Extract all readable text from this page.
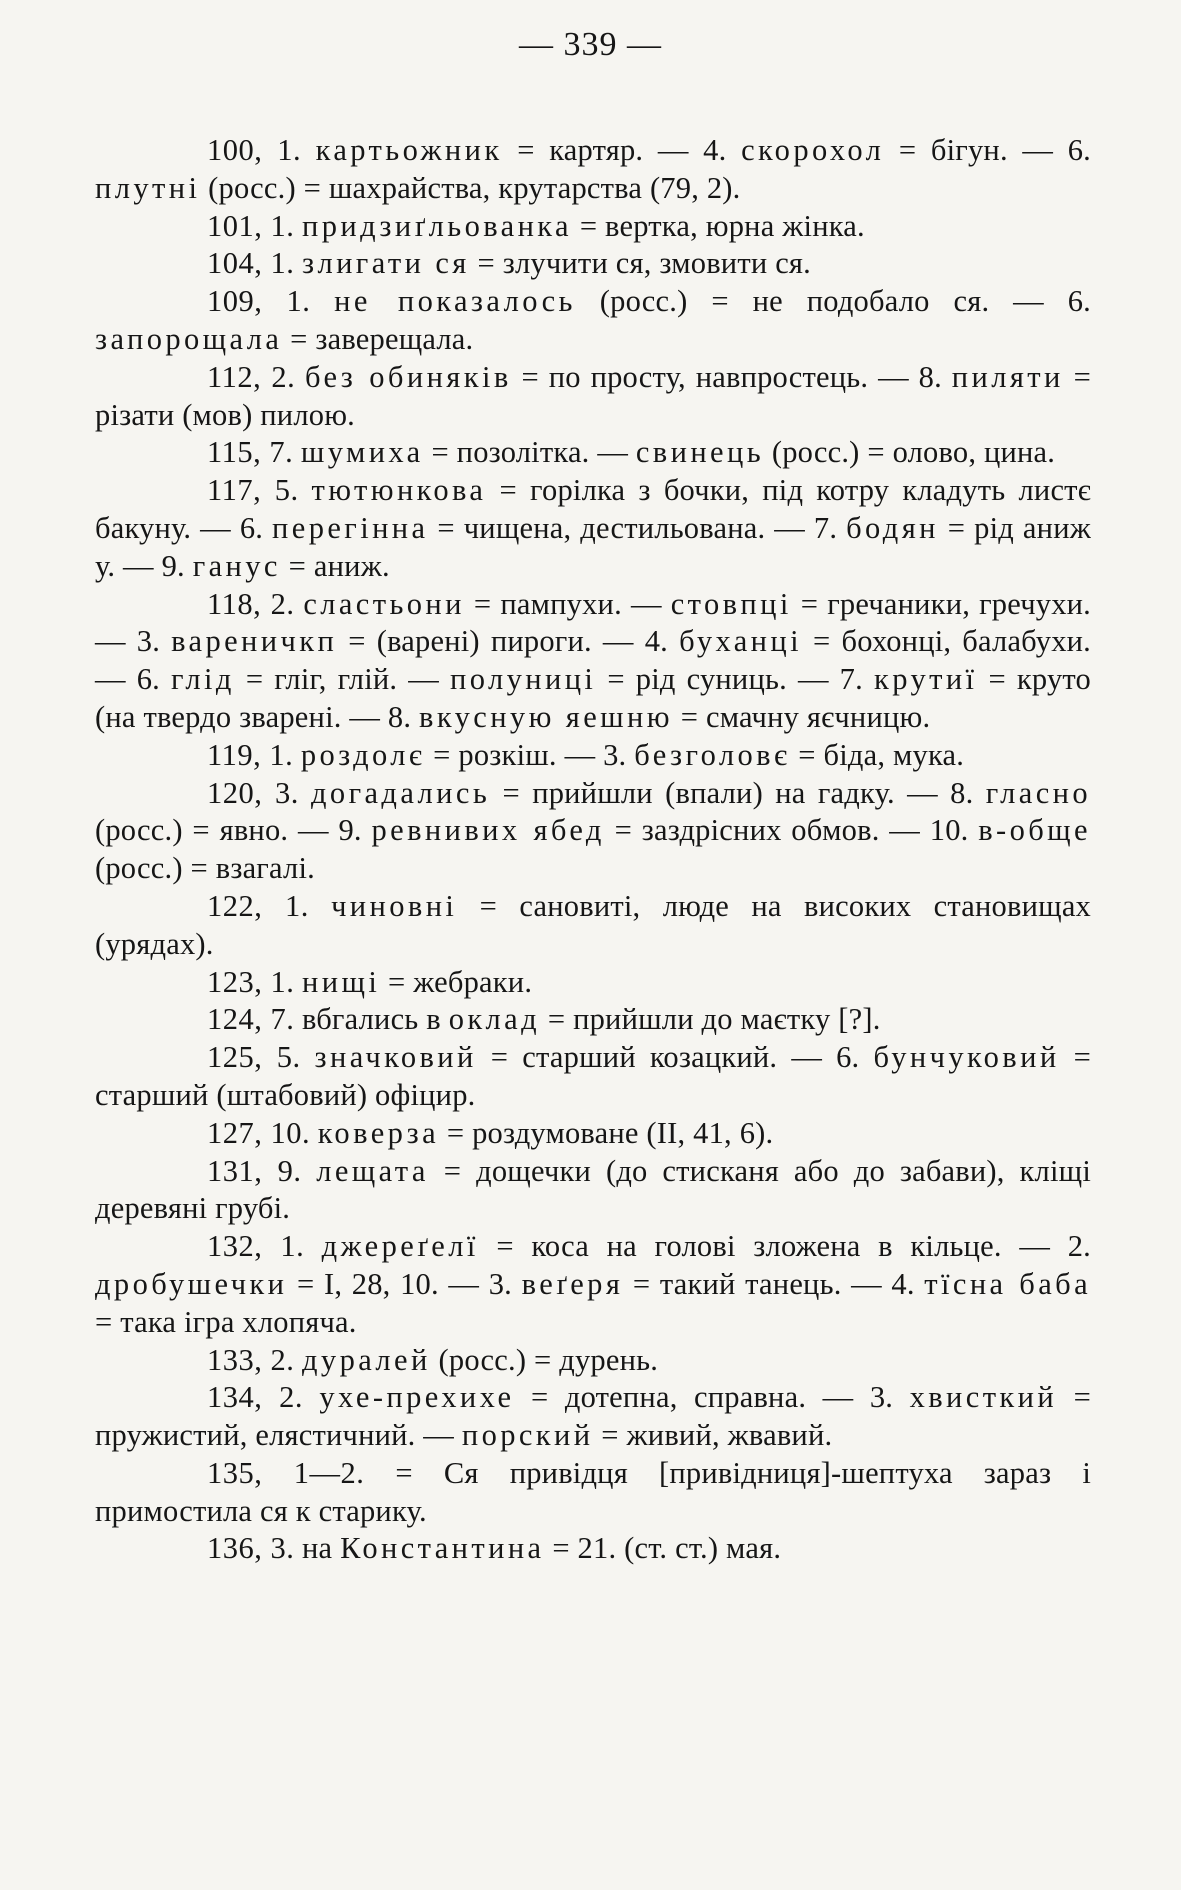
— 339 —

100, 1. картьожник = картяр. — 4. скорохол = бігун. — 6. плутні (росс.) = шахрайства, крутарства (79, 2).

101, 1. придзиґльованка = вертка, юрна жінка.

104, 1. злигати ся = злучити ся, змовити ся.

109, 1. не показалось (росс.) = не подобало ся. — 6. запорощала = заверещала.

112, 2. без обиняків = по просту, навпростець. — 8. пиляти = різати (мов) пилою.

115, 7. шумиха = позолітка. — свинець (росс.) = олово, цина.

117, 5. тютюнкова = горілка з бочки, під котру кладуть листє бакуну. — 6. перегінна = чищена, дестильована. — 7. бодян = рід аниж у. — 9. ганус = аниж.

118, 2. сластьони = пампухи. — стовпці = гречаники, гречухи. — 3. вареничкп = (варені) пироги. — 4. буханці = бохонці, балабухи. — 6. глід = гліг, глій. — полуниці = рід суниць. — 7. крутиї = круто (на твердо зварені. — 8. вкусную яешню = смачну яєчницю.

119, 1. роздолє = розкіш. — 3. безголовє = біда, мука.

120, 3. догадались = прийшли (впали) на гадку. — 8. гласно (росс.) = явно. — 9. ревнивих ябед = заздрісних обмов. — 10. в-обще (росс.) = взагалі.

122, 1. чиновні = сановиті, люде на високих становищах (урядах).

123, 1. нищі = жебраки.

124, 7. вбгались в оклад = прийшли до маєтку [?].

125, 5. значковий = старший козацкий. — 6. бунчуковий = старший (штабовий) офіцир.

127, 10. коверза = роздумоване (II, 41, 6).

131, 9. лещата = дощечки (до стисканя або до забави), кліщі деревяні грубі.

132, 1. джереґелї = коса на голові зложена в кільце. — 2. дробушечки = I, 28, 10. — 3. веґеря = такий танець. — 4. тїсна баба = така ігра хлопяча.

133, 2. дуралей (росс.) = дурень.

134, 2. ухе-прехихе = дотепна, справна. — 3. хвисткий = пружистий, елястичний. — порский = живий, жвавий.

135, 1—2. = Ся привідця [привідниця]-шептуха зараз і примостила ся к старику.

136, 3. на Константина = 21. (ст. ст.) мая.
